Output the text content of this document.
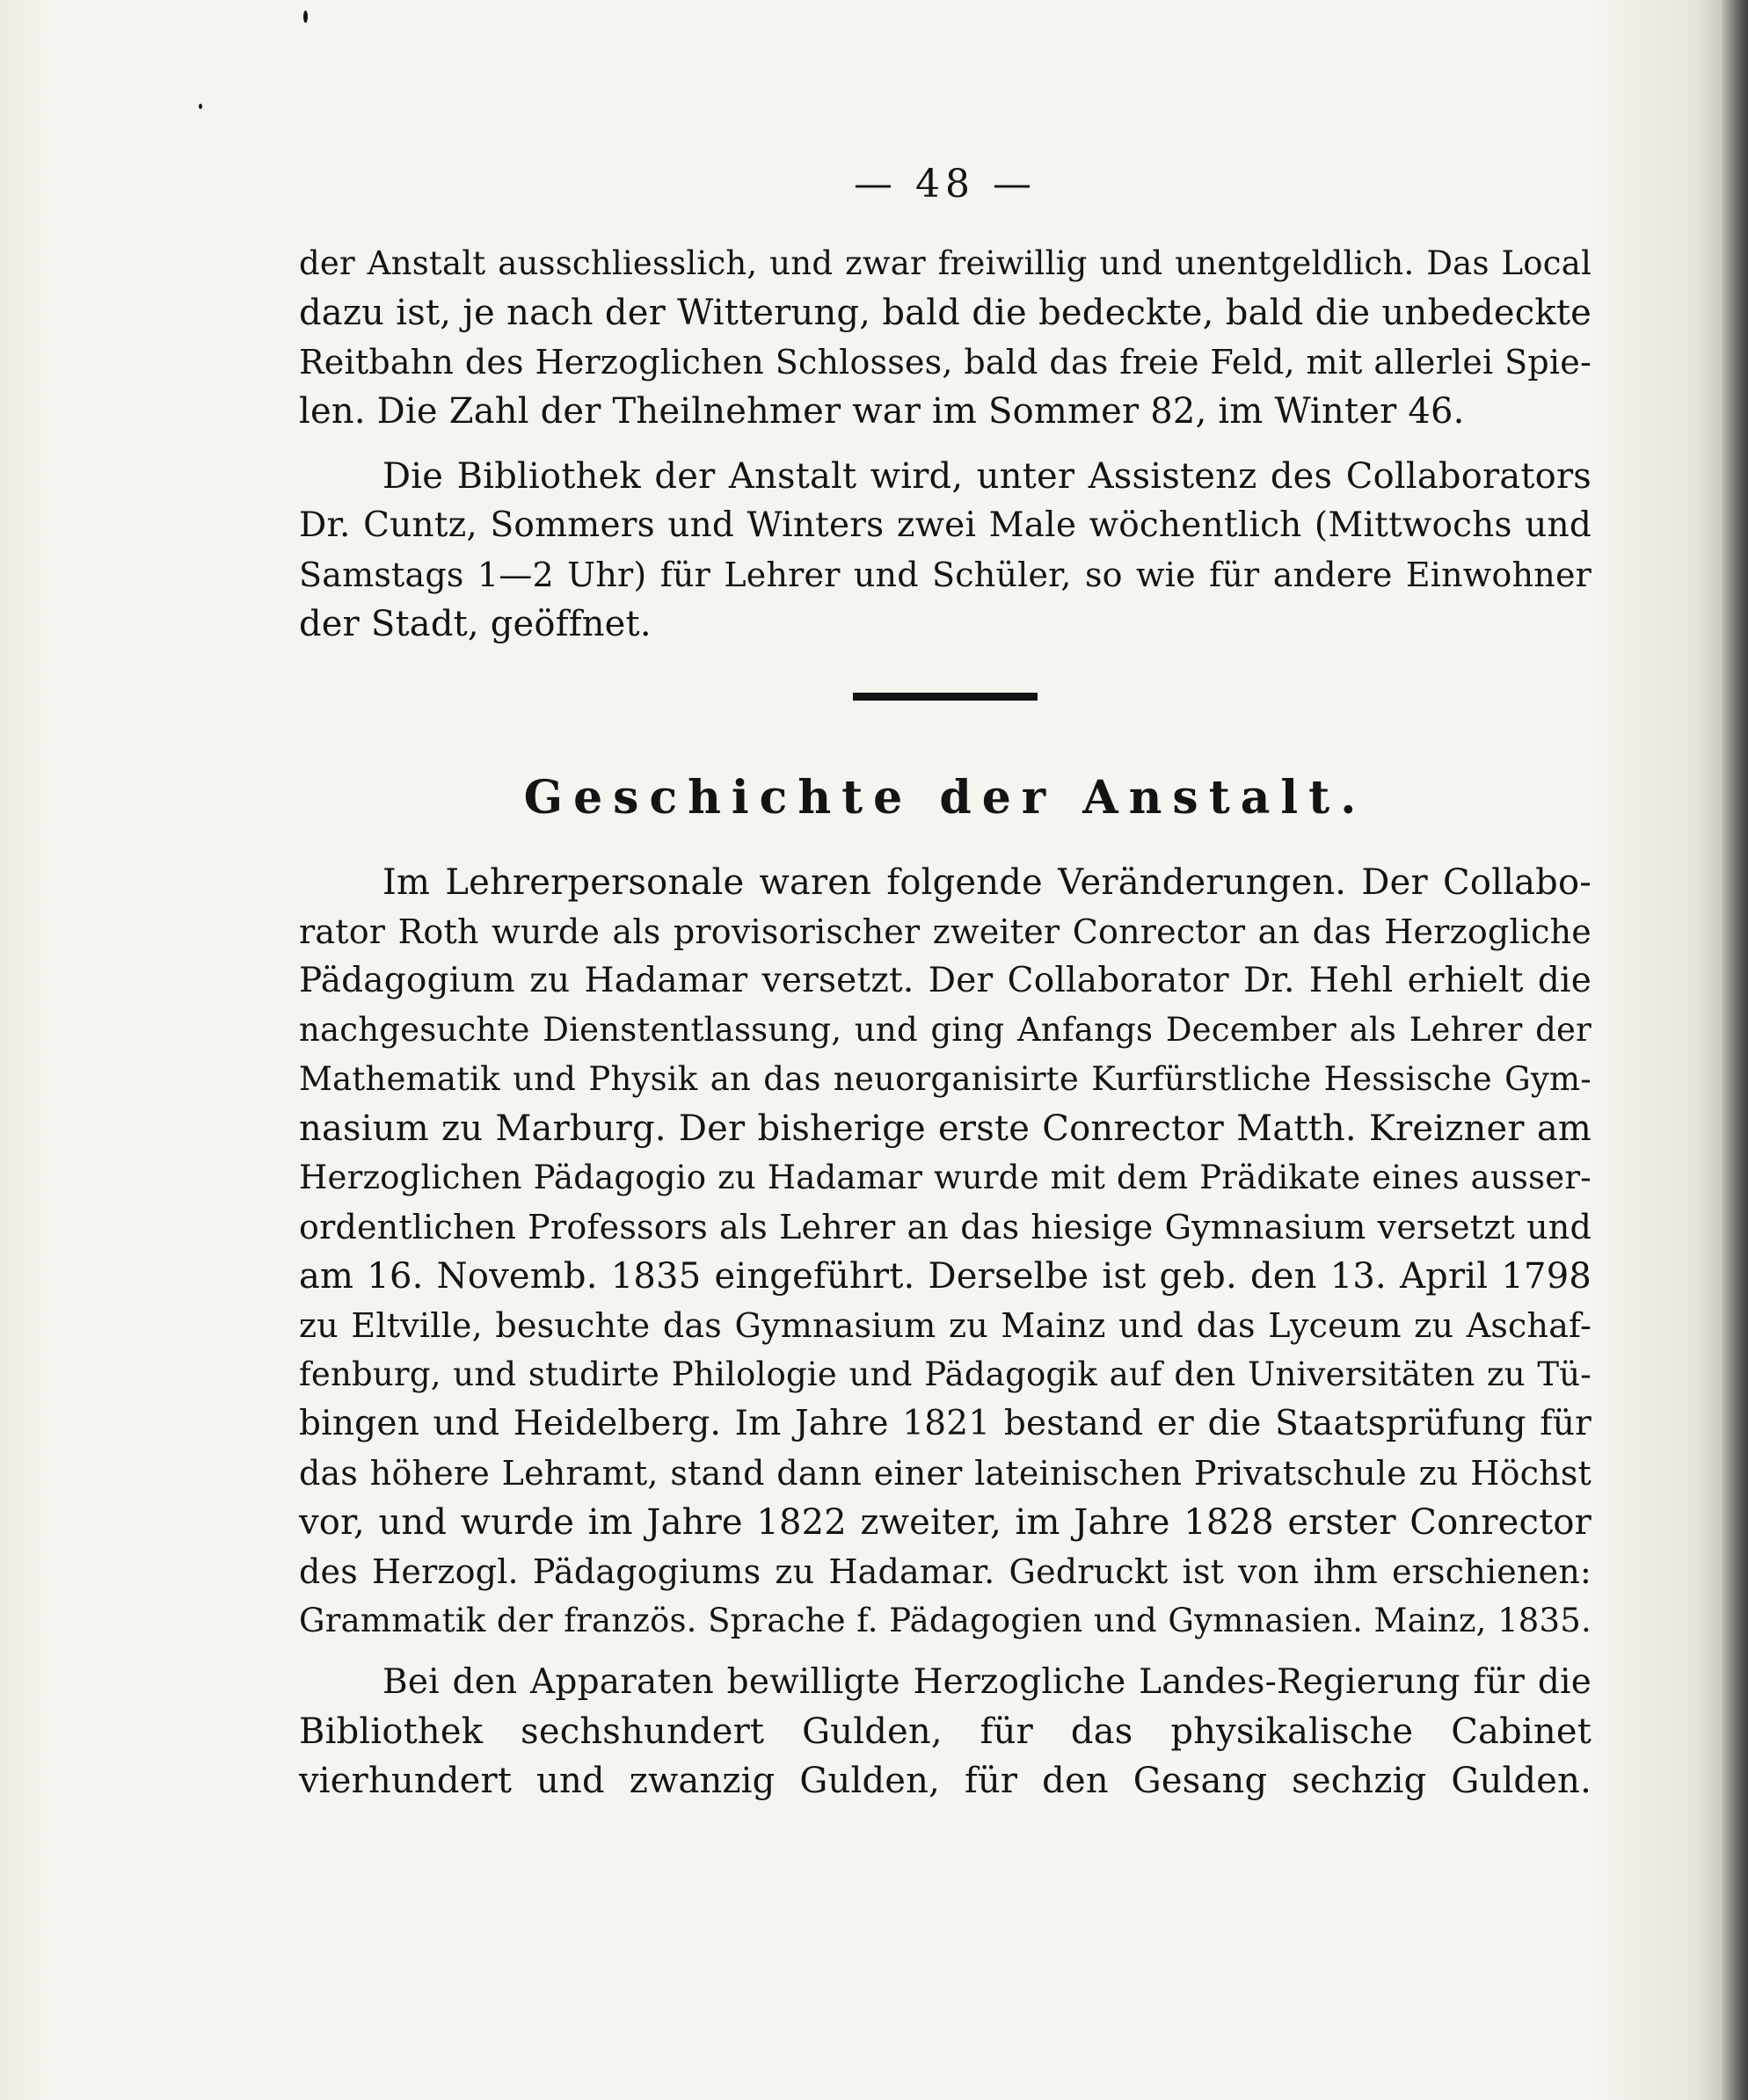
— 48 —
der Anstalt ausschliesslich, und zwar freiwillig und unentgeldlich. Das Local
dazu ist, je nach der Witterung, bald die bedeckte, bald die unbedeckte
Reitbahn des Herzoglichen Schlosses, bald das freie Feld, mit allerlei Spie-
len. Die Zahl der Theilnehmer war im Sommer 82, im Winter 46.
Die Bibliothek der Anstalt wird, unter Assistenz des Collaborators
Dr. Cuntz, Sommers und Winters zwei Male wöchentlich (Mittwochs und
Samstags 1—2 Uhr) für Lehrer und Schüler, so wie für andere Einwohner
der Stadt, geöffnet.
Geschichte der Anstalt.
Im Lehrerpersonale waren folgende Veränderungen. Der Collabo-
rator Roth wurde als provisorischer zweiter Conrector an das Herzogliche
Pädagogium zu Hadamar versetzt. Der Collaborator Dr. Hehl erhielt die
nachgesuchte Dienstentlassung, und ging Anfangs December als Lehrer der
Mathematik und Physik an das neuorganisirte Kurfürstliche Hessische Gym-
nasium zu Marburg. Der bisherige erste Conrector Matth. Kreizner am
Herzoglichen Pädagogio zu Hadamar wurde mit dem Prädikate eines ausser-
ordentlichen Professors als Lehrer an das hiesige Gymnasium versetzt und
am 16. Novemb. 1835 eingeführt. Derselbe ist geb. den 13. April 1798
zu Eltville, besuchte das Gymnasium zu Mainz und das Lyceum zu Aschaf-
fenburg, und studirte Philologie und Pädagogik auf den Universitäten zu Tü-
bingen und Heidelberg. Im Jahre 1821 bestand er die Staatsprüfung für
das höhere Lehramt, stand dann einer lateinischen Privatschule zu Höchst
vor, und wurde im Jahre 1822 zweiter, im Jahre 1828 erster Conrector
des Herzogl. Pädagogiums zu Hadamar. Gedruckt ist von ihm erschienen:
Grammatik der französ. Sprache f. Pädagogien und Gymnasien. Mainz, 1835.
Bei den Apparaten bewilligte Herzogliche Landes-Regierung für die
Bibliothek sechshundert Gulden, für das physikalische Cabinet
vierhundert und zwanzig Gulden, für den Gesang sechzig Gulden.
